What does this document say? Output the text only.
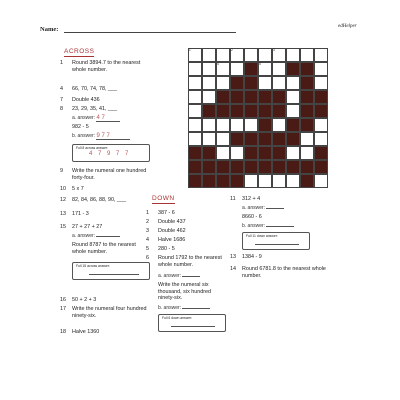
Name:	edHelper
ACROSS
1 Round 3894.7 to the nearest whole number.
4 66, 70, 74, 78, ___
7 Double 436
8 23, 29, 35, 41, ___
a. answer: 4 7
982 - 5
b. answer: 9 7 7
Full 8 across answer:
4 7 9 7 7
9 Write the numeral one hundred forty-four.
10 5 x 7
12 82, 84, 86, 88, 90, ___
13 171 - 3
15 27 + 27 + 27
a. answer:
Round 8787 to the nearest whole number.
Full 15 across answer:
16 50 + 2 + 3
17 Write the numeral four hundred ninety-six.
18 Halve 1360
1	2	3
4	5
DOWN
1 387 - 6
2 Double 437
3 Double 462
4 Halve 1686
5 280 - 5
6 Round 1792 to the nearest whole number.
a. answer:
Write the numeral six thousand, six hundred ninety-six.
b. answer:
Full 6 down answer:
11 312 + 4
a. answer:
8660 - 6
b. answer:
Full 11 down answer:
13 1384 - 9
14 Round 6781.8 to the nearest whole number.
